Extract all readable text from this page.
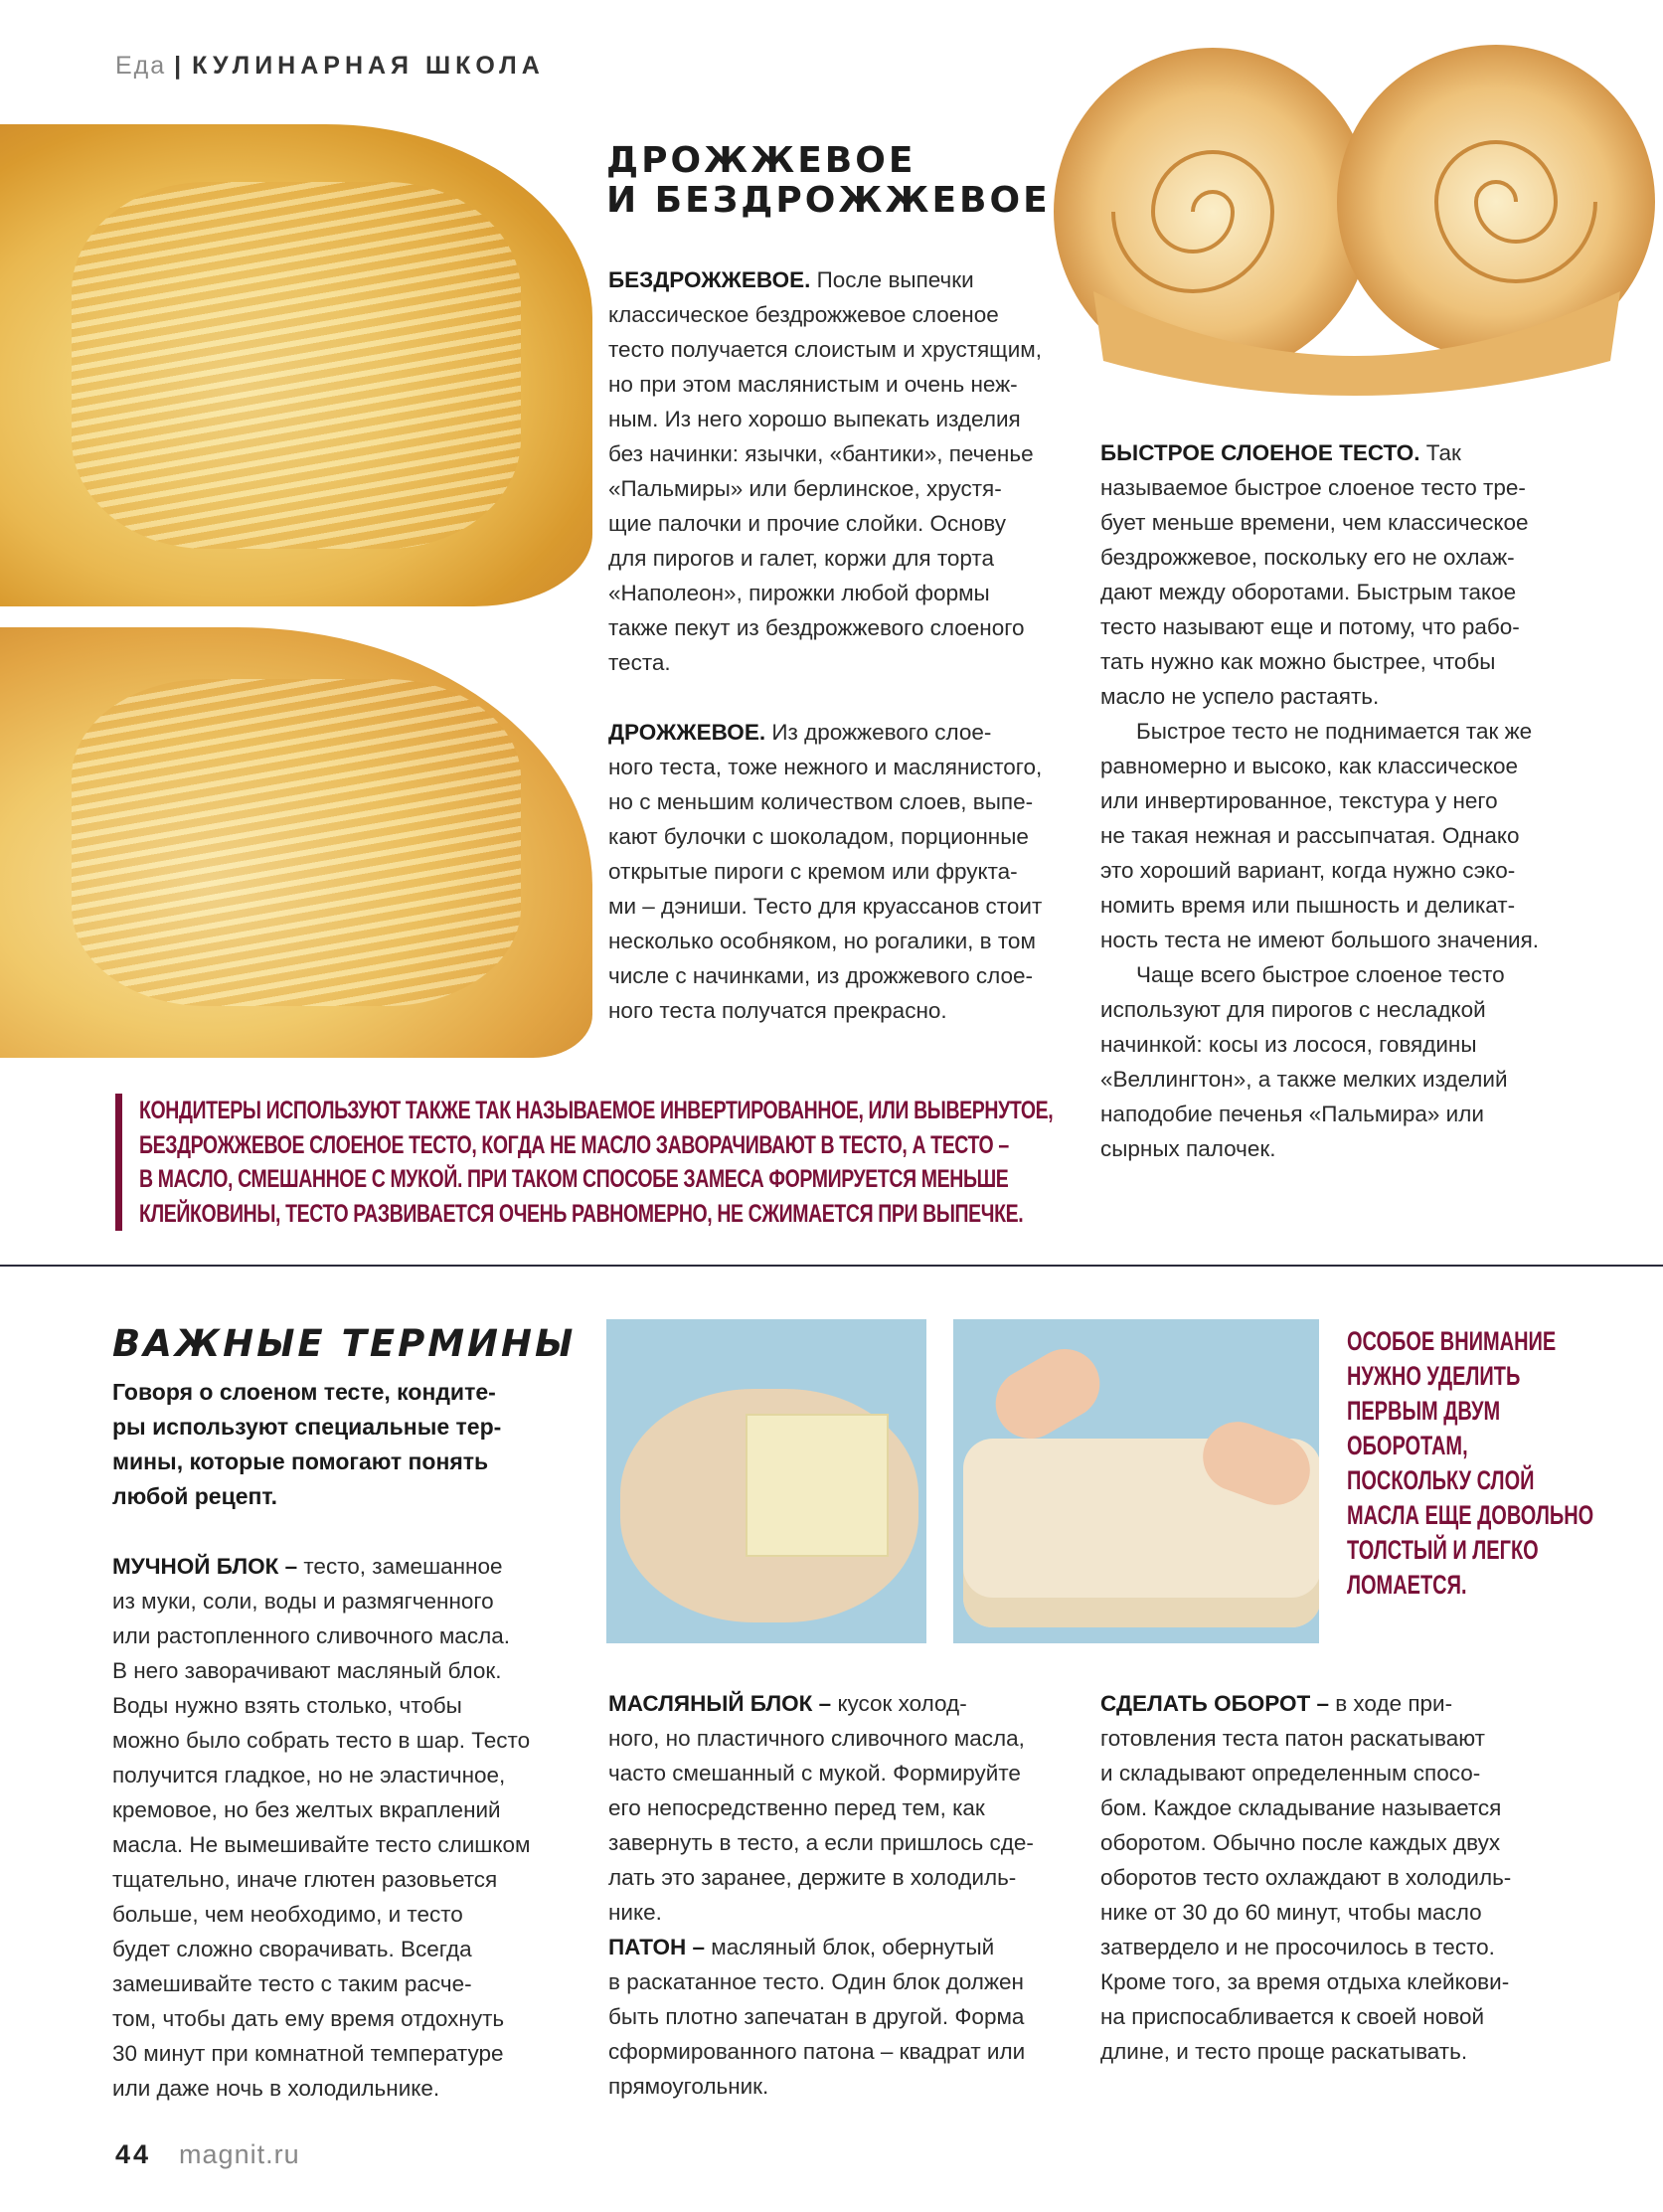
Еда | КУЛИНАРНАЯ ШКОЛА
ДРОЖЖЕВОЕ
И БЕЗДРОЖЖЕВОЕ
БЕЗДРОЖЖЕВОЕ. После выпечки
классическое бездрожжевое слоеное
тесто получается слоистым и хрустящим,
но при этом маслянистым и очень неж-
ным. Из него хорошо выпекать изделия
без начинки: язычки, «бантики», печенье
«Пальмиры» или берлинское, хрустя-
щие палочки и прочие слойки. Основу
для пирогов и галет, коржи для торта
«Наполеон», пирожки любой формы
также пекут из бездрожжевого слоеного
теста.
ДРОЖЖЕВОЕ. Из дрожжевого слое-
ного теста, тоже нежного и маслянистого,
но с меньшим количеством слоев, выпе-
кают булочки с шоколадом, порционные
открытые пироги с кремом или фрукта-
ми – дэниши. Тесто для круассанов стоит
несколько особняком, но рогалики, в том
числе с начинками, из дрожжевого слое-
ного теста получатся прекрасно.
БЫСТРОЕ СЛОЕНОЕ ТЕСТО. Так
называемое быстрое слоеное тесто тре-
бует меньше времени, чем классическое
бездрожжевое, поскольку его не охлаж-
дают между оборотами. Быстрым такое
тесто называют еще и потому, что рабо-
тать нужно как можно быстрее, чтобы
масло не успело растаять.
Быстрое тесто не поднимается так же
равномерно и высоко, как классическое
или инвертированное, текстура у него
не такая нежная и рассыпчатая. Однако
это хороший вариант, когда нужно сэко-
номить время или пышность и деликат-
ность теста не имеют большого значения.
Чаще всего быстрое слоеное тесто
используют для пирогов с несладкой
начинкой: косы из лосося, говядины
«Веллингтон», а также мелких изделий
наподобие печенья «Пальмира» или
сырных палочек.
КОНДИТЕРЫ ИСПОЛЬЗУЮТ ТАКЖЕ ТАК НАЗЫВАЕМОЕ ИНВЕРТИРОВАННОЕ, ИЛИ ВЫВЕРНУТОЕ,
БЕЗДРОЖЖЕВОЕ СЛОЕНОЕ ТЕСТО, КОГДА НЕ МАСЛО ЗАВОРАЧИВАЮТ В ТЕСТО, А ТЕСТО –
В МАСЛО, СМЕШАННОЕ С МУКОЙ. ПРИ ТАКОМ СПОСОБЕ ЗАМЕСА ФОРМИРУЕТСЯ МЕНЬШЕ
КЛЕЙКОВИНЫ, ТЕСТО РАЗВИВАЕТСЯ ОЧЕНЬ РАВНОМЕРНО, НЕ СЖИМАЕТСЯ ПРИ ВЫПЕЧКЕ.
ВАЖНЫЕ ТЕРМИНЫ
Говоря о слоеном тесте, кондите-
ры используют специальные тер-
мины, которые помогают понять
любой рецепт.
МУЧНОЙ БЛОК – тесто, замешанное
из муки, соли, воды и размягченного
или растопленного сливочного масла.
В него заворачивают масляный блок.
Воды нужно взять столько, чтобы
можно было собрать тесто в шар. Тесто
получится гладкое, но не эластичное,
кремовое, но без желтых вкраплений
масла. Не вымешивайте тесто слишком
тщательно, иначе глютен разовьется
больше, чем необходимо, и тесто
будет сложно сворачивать. Всегда
замешивайте тесто с таким расче-
том, чтобы дать ему время отдохнуть
30 минут при комнатной температуре
или даже ночь в холодильнике.
ОСОБОЕ ВНИМАНИЕ
НУЖНО УДЕЛИТЬ
ПЕРВЫМ ДВУМ
ОБОРОТАМ,
ПОСКОЛЬКУ СЛОЙ
МАСЛА ЕЩЕ ДОВОЛЬНО
ТОЛСТЫЙ И ЛЕГКО
ЛОМАЕТСЯ.
МАСЛЯНЫЙ БЛОК – кусок холод-
ного, но пластичного сливочного масла,
часто смешанный с мукой. Формируйте
его непосредственно перед тем, как
завернуть в тесто, а если пришлось сде-
лать это заранее, держите в холодиль-
нике.
ПАТОН – масляный блок, обернутый
в раскатанное тесто. Один блок должен
быть плотно запечатан в другой. Форма
сформированного патона – квадрат или
прямоугольник.
СДЕЛАТЬ ОБОРОТ – в ходе при-
готовления теста патон раскатывают
и складывают определенным спосо-
бом. Каждое складывание называется
оборотом. Обычно после каждых двух
оборотов тесто охлаждают в холодиль-
нике от 30 до 60 минут, чтобы масло
затвердело и не просочилось в тесто.
Кроме того, за время отдыха клейкови-
на приспосабливается к своей новой
длине, и тесто проще раскатывать.
44 magnit.ru
